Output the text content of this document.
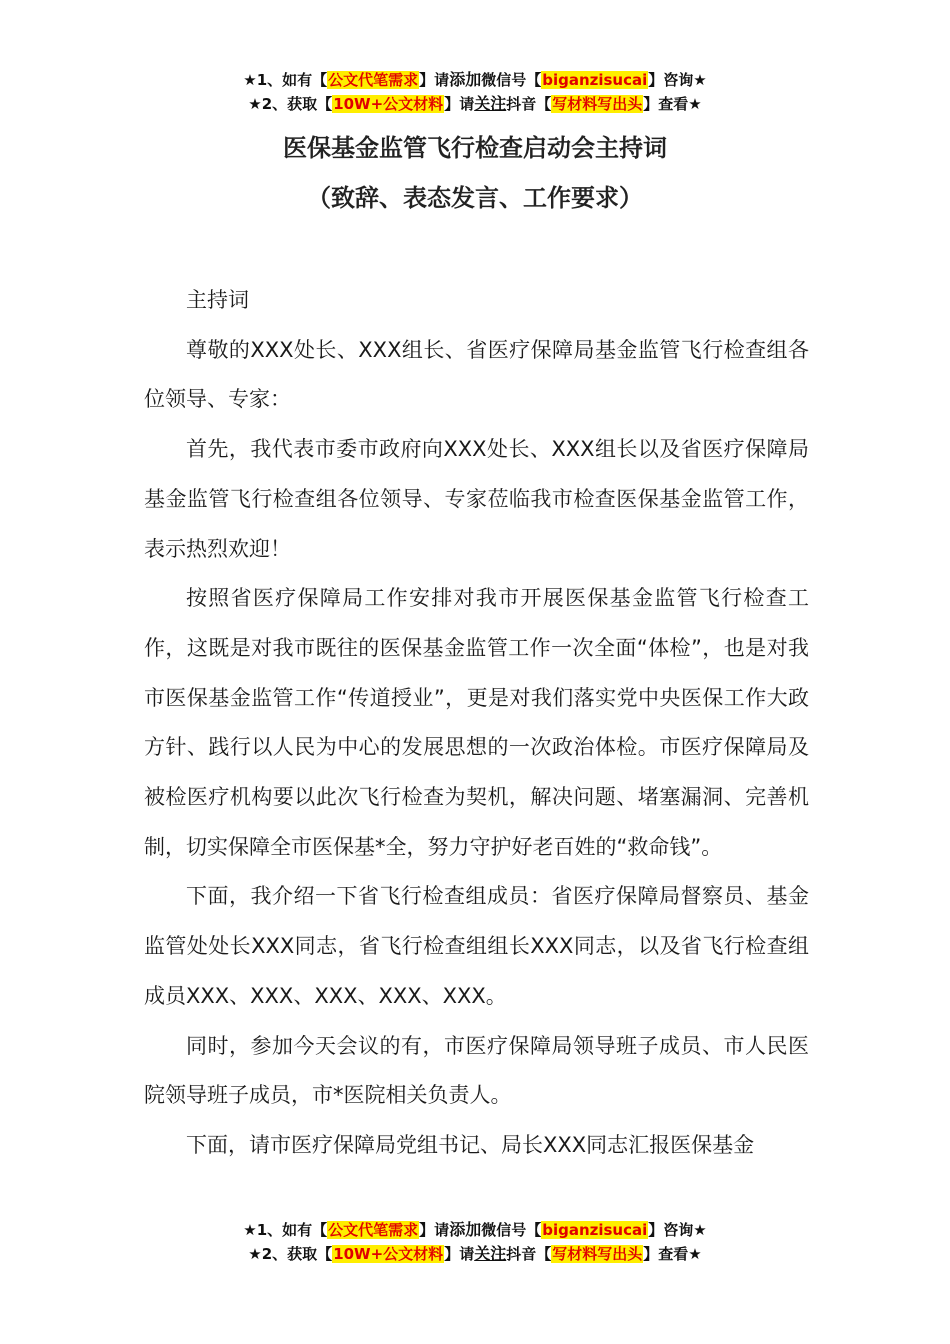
★1、如有【公文代笔需求】请添加微信号【biganzisucai】咨询★
★2、获取【10W+公文材料】请关注抖音【写材料写出头】查看★
医保基金监管飞行检查启动会主持词
（致辞、表态发言、工作要求）

主持词

尊敬的XXX处长、XXX组长、省医疗保障局基金监管飞行检查组各位领导、专家：

首先，我代表市委市政府向XXX处长、XXX组长以及省医疗保障局基金监管飞行检查组各位领导、专家莅临我市检查医保基金监管工作，表示热烈欢迎！

按照省医疗保障局工作安排对我市开展医保基金监管飞行检查工作，这既是对我市既往的医保基金监管工作一次全面“体检”，也是对我市医保基金监管工作“传道授业”，更是对我们落实党中央医保工作大政方针、践行以人民为中心的发展思想的一次政治体检。市医疗保障局及被检医疗机构要以此次飞行检查为契机，解决问题、堵塞漏洞、完善机制，切实保障全市医保基*全，努力守护好老百姓的“救命钱”。

下面，我介绍一下省飞行检查组成员：省医疗保障局督察员、基金监管处处长XXX同志，省飞行检查组组长XXX同志，以及省飞行检查组成员XXX、XXX、XXX、XXX、XXX。

同时，参加今天会议的有，市医疗保障局领导班子成员、市人民医院领导班子成员，市*医院相关负责人。

下面，请市医疗保障局党组书记、局长XXX同志汇报医保基金

★1、如有【公文代笔需求】请添加微信号【biganzisucai】咨询★
★2、获取【10W+公文材料】请关注抖音【写材料写出头】查看★
